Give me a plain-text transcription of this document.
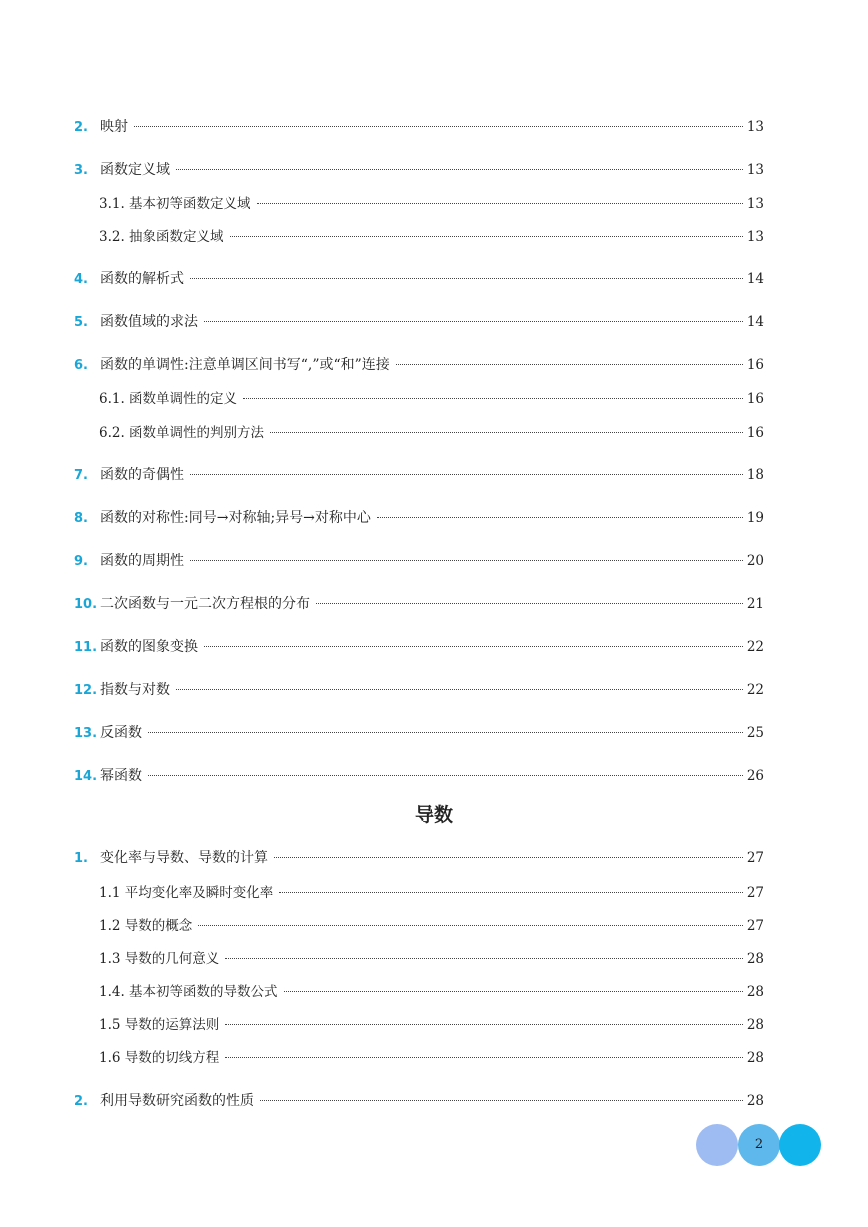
2. 映射	13
3. 函数定义域	13
3.1. 基本初等函数定义域	13
3.2. 抽象函数定义域	13
4. 函数的解析式	14
5. 函数值域的求法	14
6. 函数的单调性:注意单调区间书写“,”或“和”连接	16
6.1. 函数单调性的定义	16
6.2. 函数单调性的判别方法	16
7. 函数的奇偶性	18
8. 函数的对称性:同号→对称轴;异号→对称中心	19
9. 函数的周期性	20
10. 二次函数与一元二次方程根的分布	21
11. 函数的图象变换	22
12. 指数与对数	22
13. 反函数	25
14. 幂函数	26
1. 变化率与导数、导数的计算	27
1.1 平均变化率及瞬时变化率	27
1.2 导数的概念	27
1.3 导数的几何意义	28
1.4. 基本初等函数的导数公式	28
1.5 导数的运算法则	28
1.6 导数的切线方程	28
2. 利用导数研究函数的性质	28
导数
2
